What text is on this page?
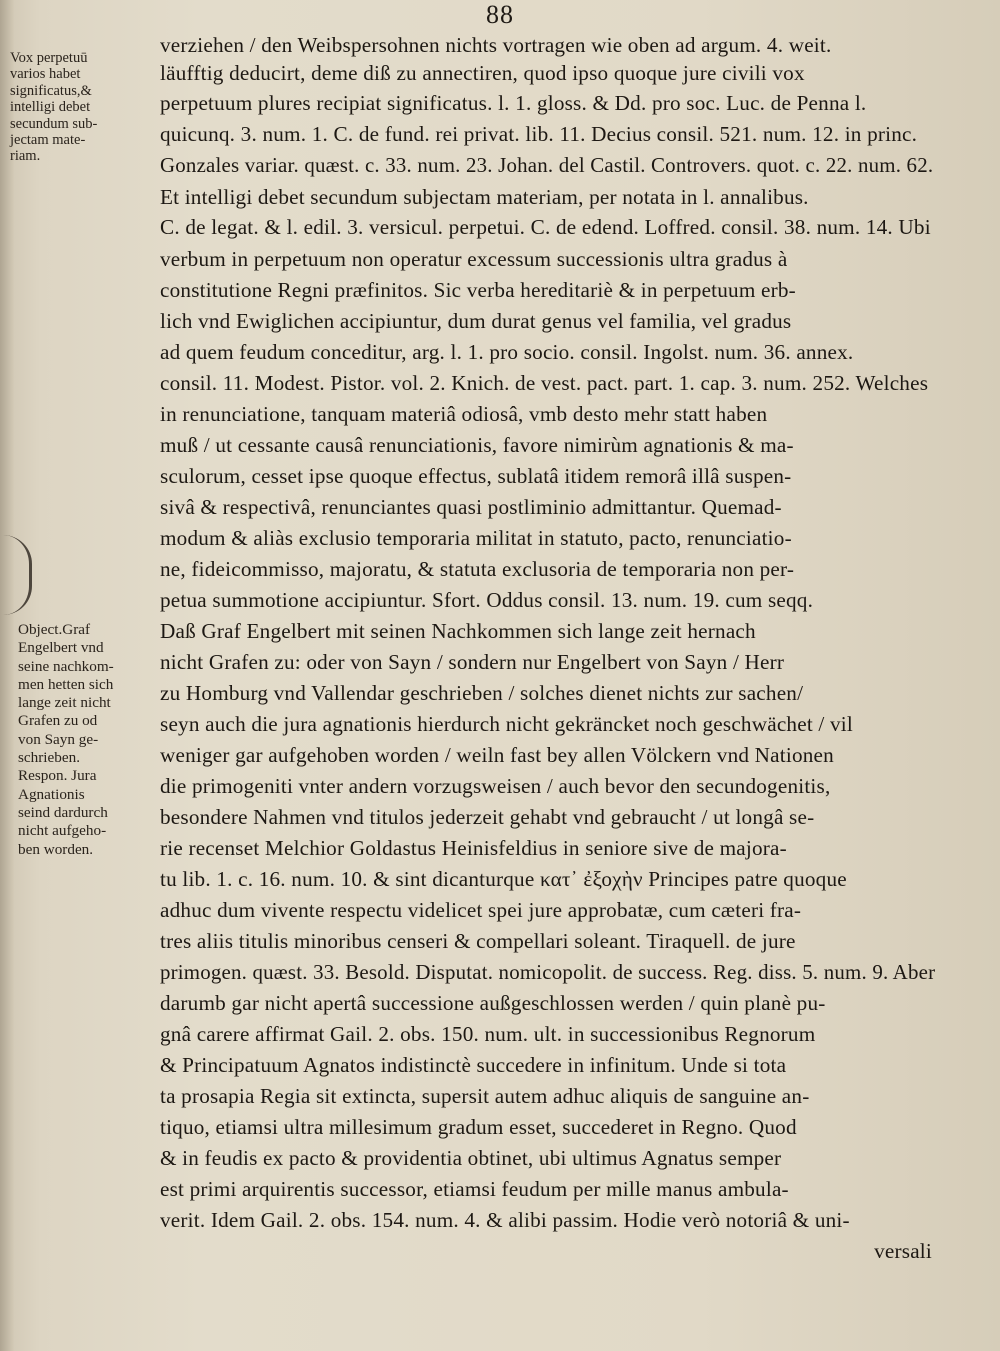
88
Vox perpetuū
varios habet
significatus,&
intelligi debet
secundum sub-
jectam mate-
riam.
Object.Graf
Engelbert vnd
seine nachkom-
men hetten sich
lange zeit nicht
Grafen zu od
von Sayn ge-
schrieben.
Respon. Jura
Agnationis
seind dardurch
nicht aufgeho-
ben worden.
verziehen / den Weibspersohnen nichts vortragen wie oben ad argum. 4. weit.
läufftig deducirt, deme diß zu annectiren, quod ipso quoque jure civili vox
perpetuum plures recipiat significatus. l. 1. gloss. & Dd. pro soc. Luc. de Penna l.
quicunq. 3. num. 1. C. de fund. rei privat. lib. 11. Decius consil. 521. num. 12. in princ.
Gonzales variar. quæst. c. 33. num. 23. Johan. del Castil. Controvers. quot. c. 22. num. 62.
Et intelligi debet secundum subjectam materiam, per notata in l. annalibus.
C. de legat. & l. edil. 3. versicul. perpetui. C. de edend. Loffred. consil. 38. num. 14. Ubi
verbum in perpetuum non operatur excessum successionis ultra gradus à
constitutione Regni præfinitos. Sic verba hereditariè & in perpetuum erb-
lich vnd Ewiglichen accipiuntur, dum durat genus vel familia, vel gradus
ad quem feudum conceditur, arg. l. 1. pro socio. consil. Ingolst. num. 36. annex.
consil. 11. Modest. Pistor. vol. 2. Knich. de vest. pact. part. 1. cap. 3. num. 252. Welches
in renunciatione, tanquam materiâ odiosâ, vmb desto mehr statt haben
muß / ut cessante causâ renunciationis, favore nimirùm agnationis & ma-
sculorum, cesset ipse quoque effectus, sublatâ itidem remorâ illâ suspen-
sivâ & respectivâ, renunciantes quasi postliminio admittantur. Quemad-
modum & aliàs exclusio temporaria militat in statuto, pacto, renunciatio-
ne, fideicommisso, majoratu, & statuta exclusoria de temporaria non per-
petua summotione accipiuntur. Sfort. Oddus consil. 13. num. 19. cum seqq.
Daß Graf Engelbert mit seinen Nachkommen sich lange zeit hernach
nicht Grafen zu: oder von Sayn / sondern nur Engelbert von Sayn / Herr
zu Homburg vnd Vallendar geschrieben / solches dienet nichts zur sachen/
seyn auch die jura agnationis hierdurch nicht gekräncket noch geschwächet / vil
weniger gar aufgehoben worden / weiln fast bey allen Völckern vnd Nationen
die primogeniti vnter andern vorzugsweisen / auch bevor den secundogenitis,
besondere Nahmen vnd titulos jederzeit gehabt vnd gebraucht / ut longâ se-
rie recenset Melchior Goldastus Heinisfeldius in seniore sive de majora-
tu lib. 1. c. 16. num. 10. & sint dicanturque κατ᾽ ἐξοχὴν Principes patre quoque
adhuc dum vivente respectu videlicet spei jure approbatæ, cum cæteri fra-
tres aliis titulis minoribus censeri & compellari soleant. Tiraquell. de jure
primogen. quæst. 33. Besold. Disputat. nomicopolit. de success. Reg. diss. 5. num. 9. Aber
darumb gar nicht apertâ successione außgeschlossen werden / quin planè pu-
gnâ carere affirmat Gail. 2. obs. 150. num. ult. in successionibus Regnorum
& Principatuum Agnatos indistinctè succedere in infinitum. Unde si tota
ta prosapia Regia sit extincta, supersit autem adhuc aliquis de sanguine an-
tiquo, etiamsi ultra millesimum gradum esset, succederet in Regno. Quod
& in feudis ex pacto & providentia obtinet, ubi ultimus Agnatus semper
est primi arquirentis successor, etiamsi feudum per mille manus ambula-
verit. Idem Gail. 2. obs. 154. num. 4. & alibi passim. Hodie verò notoriâ & uni-
versali
